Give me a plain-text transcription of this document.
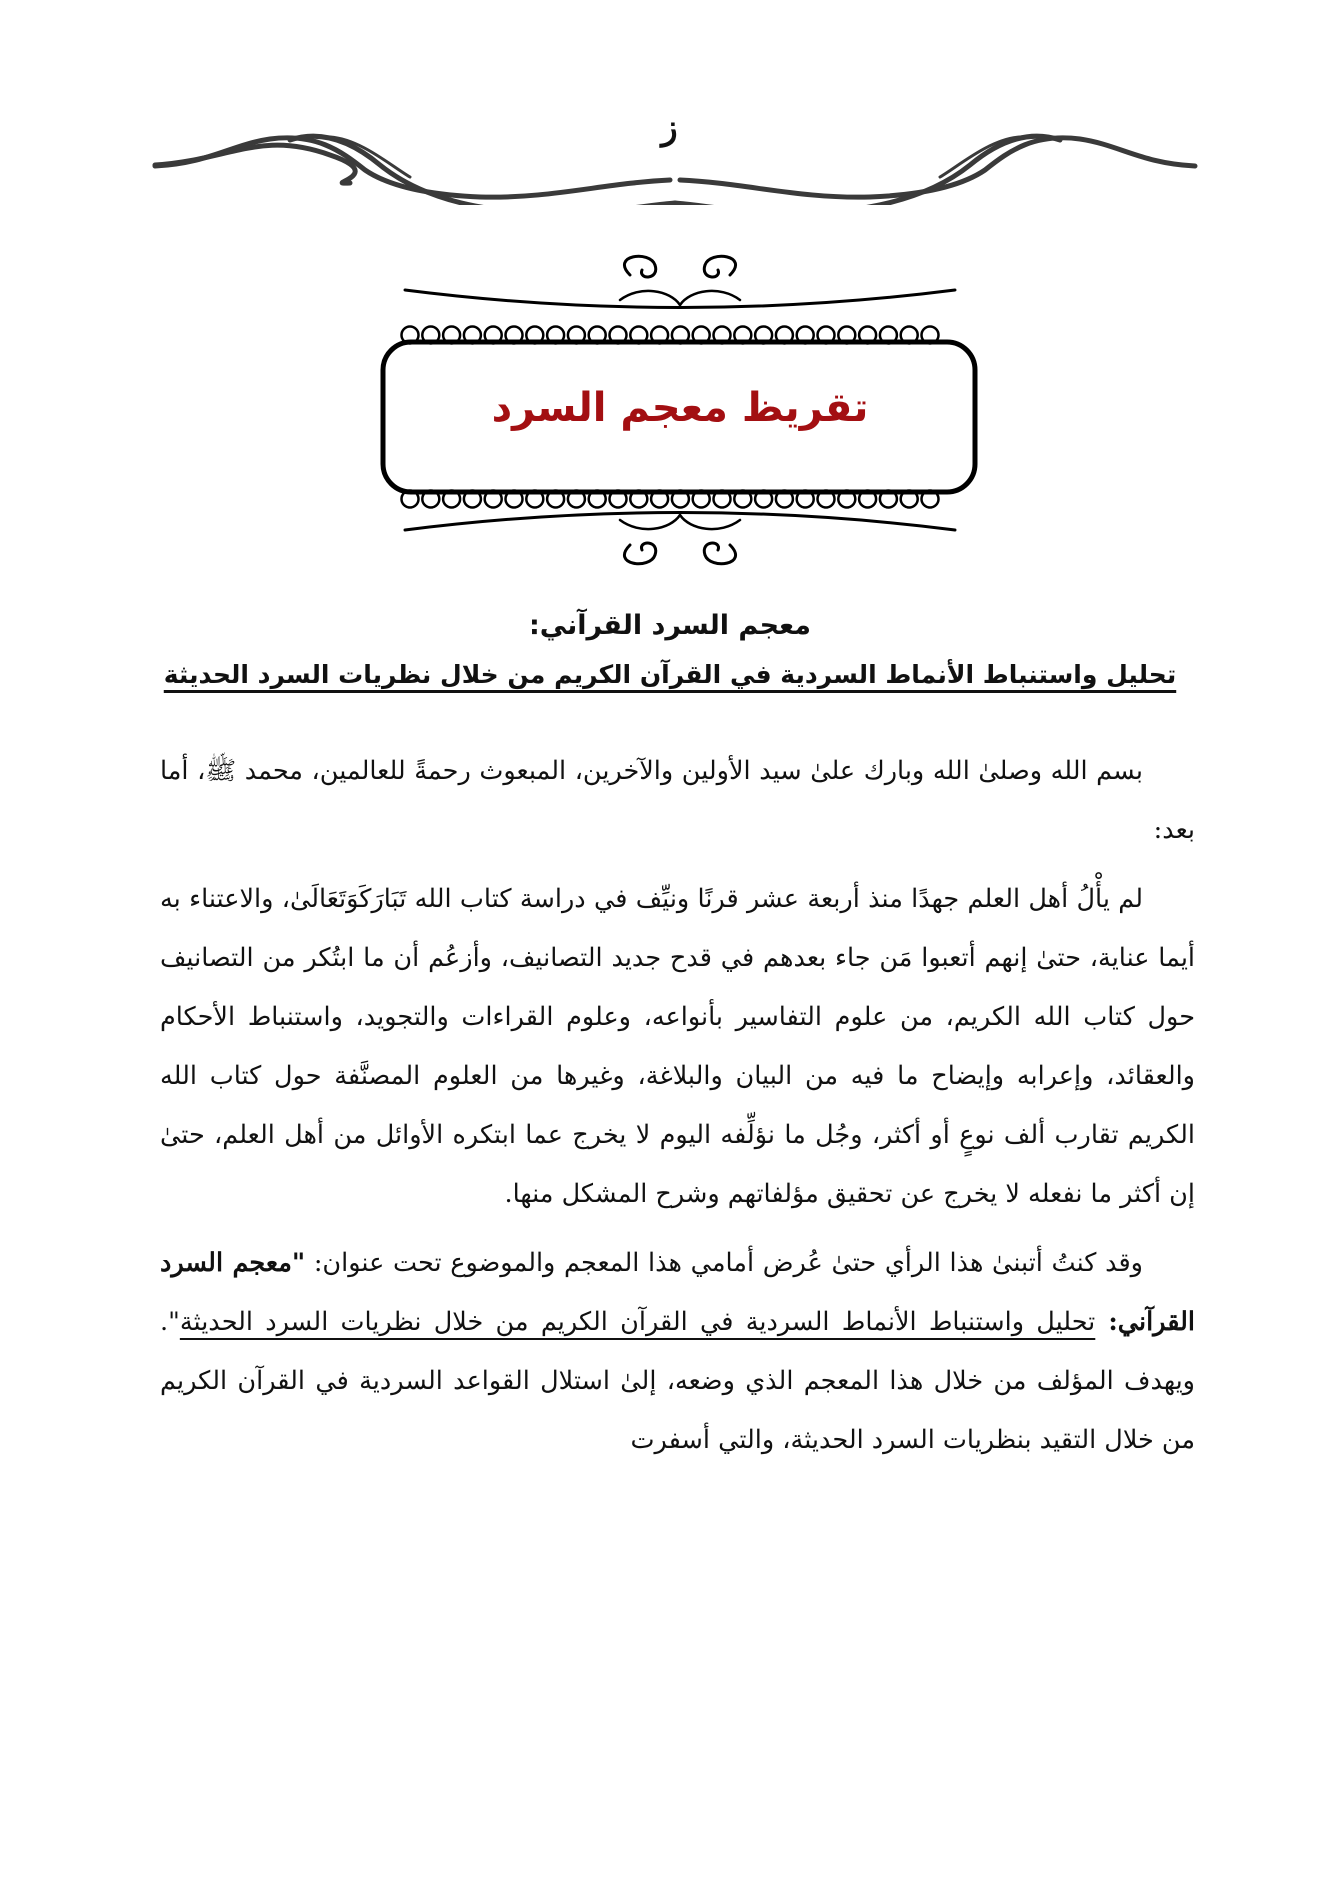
ز
تقريظ معجم السرد
معجم السرد القرآني:
تحليل واستنباط الأنماط السردية في القرآن الكريم من خلال نظريات السرد الحديثة

بسم الله وصلىٰ الله وبارك علىٰ سيد الأولين والآخرين، المبعوث رحمةً للعالمين، محمد ﷺ، أما بعد:

لم يأْلُ أهل العلم جهدًا منذ أربعة عشر قرنًا ونيِّف في دراسة كتاب الله تَبَارَكَوَتَعَالَىٰ، والاعتناء به أيما عناية، حتىٰ إنهم أتعبوا مَن جاء بعدهم في قدح جديد التصانيف، وأزعُم أن ما ابتُكر من التصانيف حول كتاب الله الكريم، من علوم التفاسير بأنواعه، وعلوم القراءات والتجويد، واستنباط الأحكام والعقائد، وإعرابه وإيضاح ما فيه من البيان والبلاغة، وغيرها من العلوم المصنَّفة حول كتاب الله الكريم تقارب ألف نوعٍ أو أكثر، وجُل ما نؤلِّفه اليوم لا يخرج عما ابتكره الأوائل من أهل العلم، حتىٰ إن أكثر ما نفعله لا يخرج عن تحقيق مؤلفاتهم وشرح المشكل منها.

وقد كنتُ أتبنىٰ هذا الرأي حتىٰ عُرض أمامي هذا المعجم والموضوع تحت عنوان: "معجم السرد القرآني: تحليل واستنباط الأنماط السردية في القرآن الكريم من خلال نظريات السرد الحديثة". ويهدف المؤلف من خلال هذا المعجم الذي وضعه، إلىٰ استلال القواعد السردية في القرآن الكريم من خلال التقيد بنظريات السرد الحديثة، والتي أسفرت
